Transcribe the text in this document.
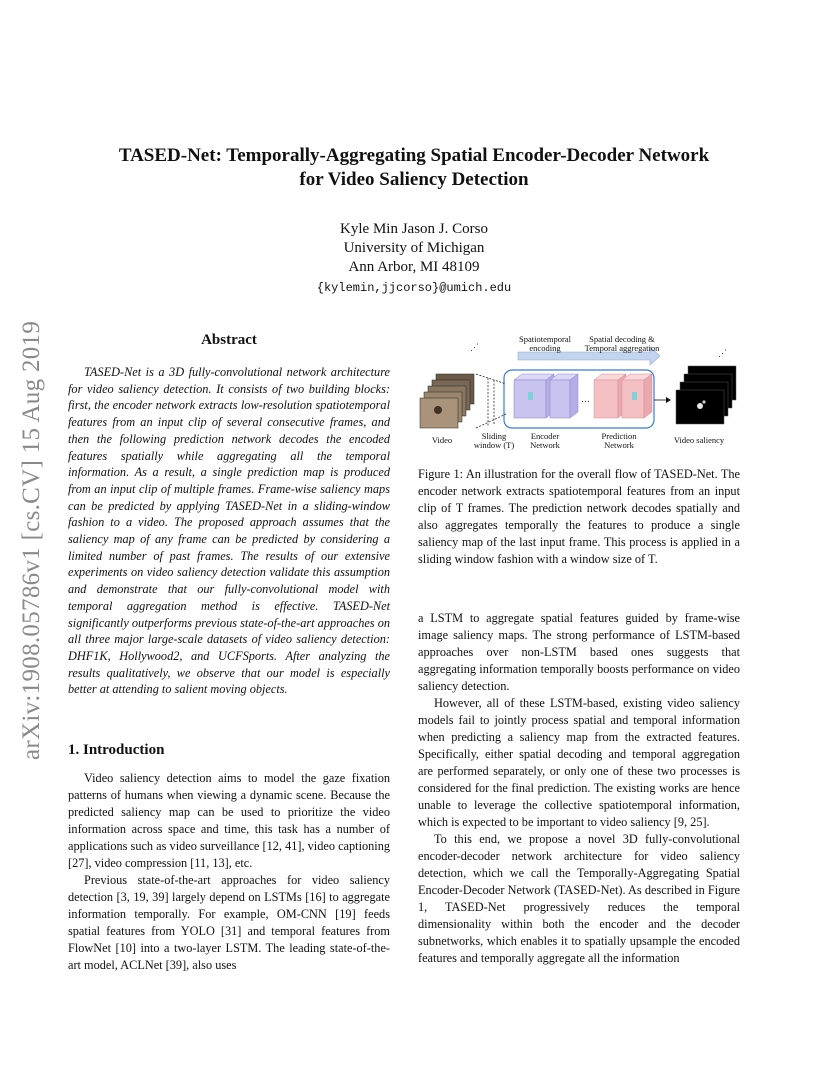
arXiv:1908.05786v1 [cs.CV] 15 Aug 2019
TASED-Net: Temporally-Aggregating Spatial Encoder-Decoder Network
for Video Saliency Detection
Kyle Min Jason J. Corso
University of Michigan
Ann Arbor, MI 48109
{kylemin,jjcorso}@umich.edu
Abstract
TASED-Net is a 3D fully-convolutional network architecture for video saliency detection. It consists of two building blocks: first, the encoder network extracts low-resolution spatiotemporal features from an input clip of several consecutive frames, and then the following prediction network decodes the encoded features spatially while aggregating all the temporal information. As a result, a single prediction map is produced from an input clip of multiple frames. Frame-wise saliency maps can be predicted by applying TASED-Net in a sliding-window fashion to a video. The proposed approach assumes that the saliency map of any frame can be predicted by considering a limited number of past frames. The results of our extensive experiments on video saliency detection validate this assumption and demonstrate that our fully-convolutional model with temporal aggregation method is effective. TASED-Net significantly outperforms previous state-of-the-art approaches on all three major large-scale datasets of video saliency detection: DHF1K, Hollywood2, and UCFSports. After analyzing the results qualitatively, we observe that our model is especially better at attending to salient moving objects.
1. Introduction

Video saliency detection aims to model the gaze fixation patterns of humans when viewing a dynamic scene. Because the predicted saliency map can be used to prioritize the video information across space and time, this task has a number of applications such as video surveillance [12, 41], video captioning [27], video compression [11, 13], etc.

Previous state-of-the-art approaches for video saliency detection [3, 19, 39] largely depend on LSTMs [16] to aggregate information temporally. For example, OM-CNN [19] feeds spatial features from YOLO [31] and temporal features from FlowNet [10] into a two-layer LSTM. The leading state-of-the-art model, ACLNet [39], also uses

⋰
…
⋰
Spatiotemporal
encoding
Spatial decoding &
Temporal aggregation
Video	Sliding
window (T)
Encoder
Network
Prediction
Network	Video saliency
Figure 1: An illustration for the overall flow of TASED-Net. The encoder network extracts spatiotemporal features from an input clip of T frames. The prediction network decodes spatially and also aggregates temporally the features to produce a single saliency map of the last input frame. This process is applied in a sliding window fashion with a window size of T.

a LSTM to aggregate spatial features guided by frame-wise image saliency maps. The strong performance of LSTM-based approaches over non-LSTM based ones suggests that aggregating information temporally boosts performance on video saliency detection.

However, all of these LSTM-based, existing video saliency models fail to jointly process spatial and temporal information when predicting a saliency map from the extracted features. Specifically, either spatial decoding and temporal aggregation are performed separately, or only one of these two processes is considered for the final prediction. The existing works are hence unable to leverage the collective spatiotemporal information, which is expected to be important to video saliency [9, 25].

To this end, we propose a novel 3D fully-convolutional encoder-decoder network architecture for video saliency detection, which we call the Temporally-Aggregating Spatial Encoder-Decoder Network (TASED-Net). As described in Figure 1, TASED-Net progressively reduces the temporal dimensionality within both the encoder and the decoder subnetworks, which enables it to spatially upsample the encoded features and temporally aggregate all the information
